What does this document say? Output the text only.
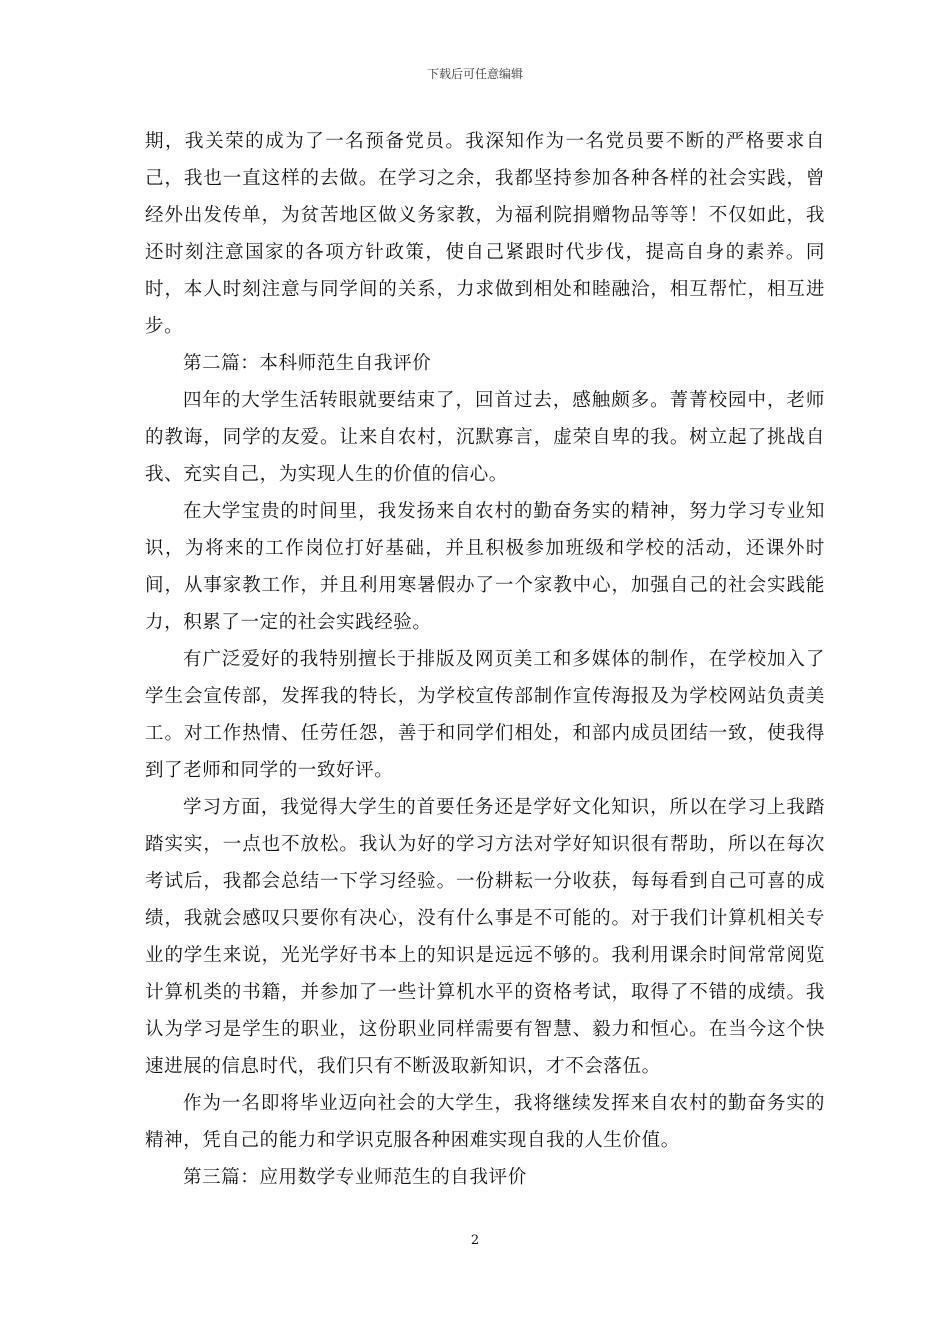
下载后可任意编辑

期，我关荣的成为了一名预备党员。我深知作为一名党员要不断的严格要求自己，我也一直这样的去做。在学习之余，我都坚持参加各种各样的社会实践，曾经外出发传单，为贫苦地区做义务家教，为福利院捐赠物品等等！不仅如此，我还时刻注意国家的各项方针政策，使自己紧跟时代步伐，提高自身的素养。同时，本人时刻注意与同学间的关系，力求做到相处和睦融洽，相互帮忙，相互进步。

第二篇：本科师范生自我评价

四年的大学生活转眼就要结束了，回首过去，感触颇多。菁菁校园中，老师的教诲，同学的友爱。让来自农村，沉默寡言，虚荣自卑的我。树立起了挑战自我、充实自己，为实现人生的价值的信心。

在大学宝贵的时间里，我发扬来自农村的勤奋务实的精神，努力学习专业知识，为将来的工作岗位打好基础，并且积极参加班级和学校的活动，还课外时间，从事家教工作，并且利用寒暑假办了一个家教中心，加强自己的社会实践能力，积累了一定的社会实践经验。

有广泛爱好的我特别擅长于排版及网页美工和多媒体的制作，在学校加入了学生会宣传部，发挥我的特长，为学校宣传部制作宣传海报及为学校网站负责美工。对工作热情、任劳任怨，善于和同学们相处，和部内成员团结一致，使我得到了老师和同学的一致好评。

学习方面，我觉得大学生的首要任务还是学好文化知识，所以在学习上我踏踏实实，一点也不放松。我认为好的学习方法对学好知识很有帮助，所以在每次考试后，我都会总结一下学习经验。一份耕耘一分收获，每每看到自己可喜的成绩，我就会感叹只要你有决心，没有什么事是不可能的。对于我们计算机相关专业的学生来说，光光学好书本上的知识是远远不够的。我利用课余时间常常阅览计算机类的书籍，并参加了一些计算机水平的资格考试，取得了不错的成绩。我认为学习是学生的职业，这份职业同样需要有智慧、毅力和恒心。在当今这个快速进展的信息时代，我们只有不断汲取新知识，才不会落伍。

作为一名即将毕业迈向社会的大学生，我将继续发挥来自农村的勤奋务实的精神，凭自己的能力和学识克服各种困难实现自我的人生价值。

第三篇：应用数学专业师范生的自我评价

2
